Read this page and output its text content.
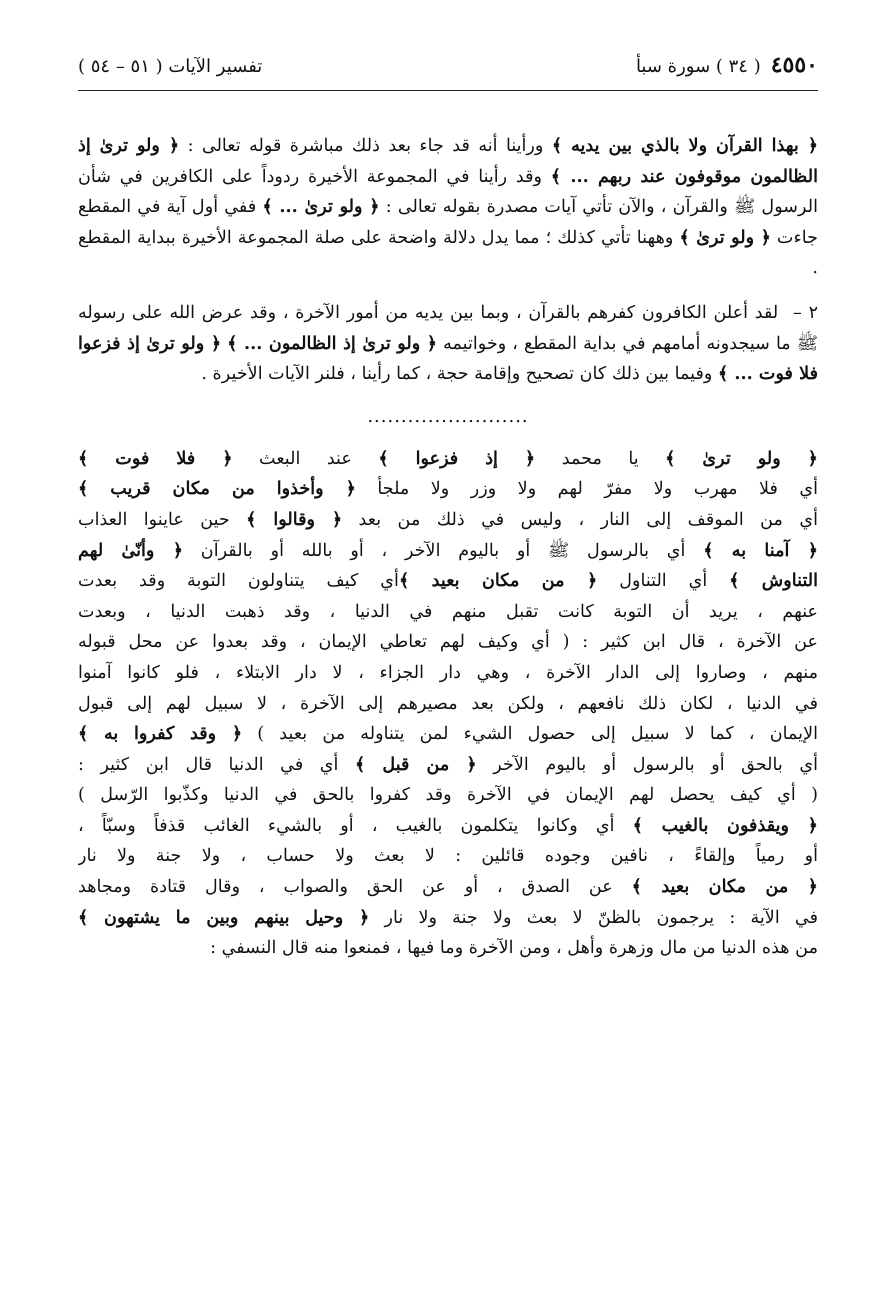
٤٥٥٠
( ٣٤ ) سورة سبأ
تفسير الآيات ( ٥١ – ٥٤ )

﴿ بهذا القرآن ولا بالذي بين يديه ﴾ ورأينا أنه قد جاء بعد ذلك مباشرة قوله تعالى : ﴿ ولو ترىٰ إذ الظالمون موقوفون عند ربهم ... ﴾ وقد رأينا في المجموعة الأخيرة ردوداً على الكافرين في شأن الرسول ﷺ والقرآن ، والآن تأتي آيات مصدرة بقوله تعالى : ﴿ ولو ترىٰ ... ﴾ ففي أول آية في المقطع جاءت ﴿ ولو ترىٰ ﴾ وههنا تأتي كذلك ؛ مما يدل دلالة واضحة على صلة المجموعة الأخيرة ببداية المقطع .

٢ – لقد أعلن الكافرون كفرهم بالقرآن ، وبما بين يديه من أمور الآخرة ، وقد عرض الله على رسوله ﷺ ما سيجدونه أمامهم في بداية المقطع ، وخواتيمه ﴿ ولو ترىٰ إذ الظالمون ... ﴾ ﴿ ولو ترىٰ إذ فزعوا فلا فوت ... ﴾ وفيما بين ذلك كان تصحيح وإقامة حجة ، كما رأينا ، فلنر الآيات الأخيرة .

........................
﴿ ولو ترىٰ ﴾ يا محمد ﴿ إذ فزعوا ﴾ عند البعث ﴿ فلا فوت ﴾
أي فلا مهرب ولا مفرّ لهم ولا وزر ولا ملجأ ﴿ وأخذوا من مكان قريب ﴾
أي من الموقف إلى النار ، وليس في ذلك من بعد ﴿ وقالوا ﴾ حين عاينوا العذاب
﴿ آمنا به ﴾ أي بالرسول ﷺ أو باليوم الآخر ، أو بالله أو بالقرآن ﴿ وأنّىٰ لهم
التناوش ﴾ أي التناول ﴿ من مكان بعيد ﴾أي كيف يتناولون التوبة وقد بعدت
عنهم ، يريد أن التوبة كانت تقبل منهم في الدنيا ، وقد ذهبت الدنيا ، وبعدت
عن الآخرة ، قال ابن كثير : ( أي وكيف لهم تعاطي الإيمان ، وقد بعدوا عن محل قبوله
منهم ، وصاروا إلى الدار الآخرة ، وهي دار الجزاء ، لا دار الابتلاء ، فلو كانوا آمنوا
في الدنيا ، لكان ذلك نافعهم ، ولكن بعد مصيرهم إلى الآخرة ، لا سبيل لهم إلى قبول
الإيمان ، كما لا سبيل إلى حصول الشيء لمن يتناوله من بعيد ) ﴿ وقد كفروا به ﴾
أي بالحق أو بالرسول أو باليوم الآخر ﴿ من قبل ﴾ أي في الدنيا قال ابن كثير :
( أي كيف يحصل لهم الإيمان في الآخرة وقد كفروا بالحق في الدنيا وكذّبوا الرّسل )
﴿ ويقذفون بالغيب ﴾ أي وكانوا يتكلمون بالغيب ، أو بالشيء الغائب قذفاً وسبّاً ،
أو رمياً وإلقاءً ، نافين وجوده قائلين : لا بعث ولا حساب ، ولا جنة ولا نار
﴿ من مكان بعيد ﴾ عن الصدق ، أو عن الحق والصواب ، وقال قتادة ومجاهد
في الآية : يرجمون بالظنّ لا بعث ولا جنة ولا نار ﴿ وحيل بينهم وبين ما يشتهون ﴾
من هذه الدنيا من مال وزهرة وأهل ، ومن الآخرة وما فيها ، فمنعوا منه قال النسفي :
